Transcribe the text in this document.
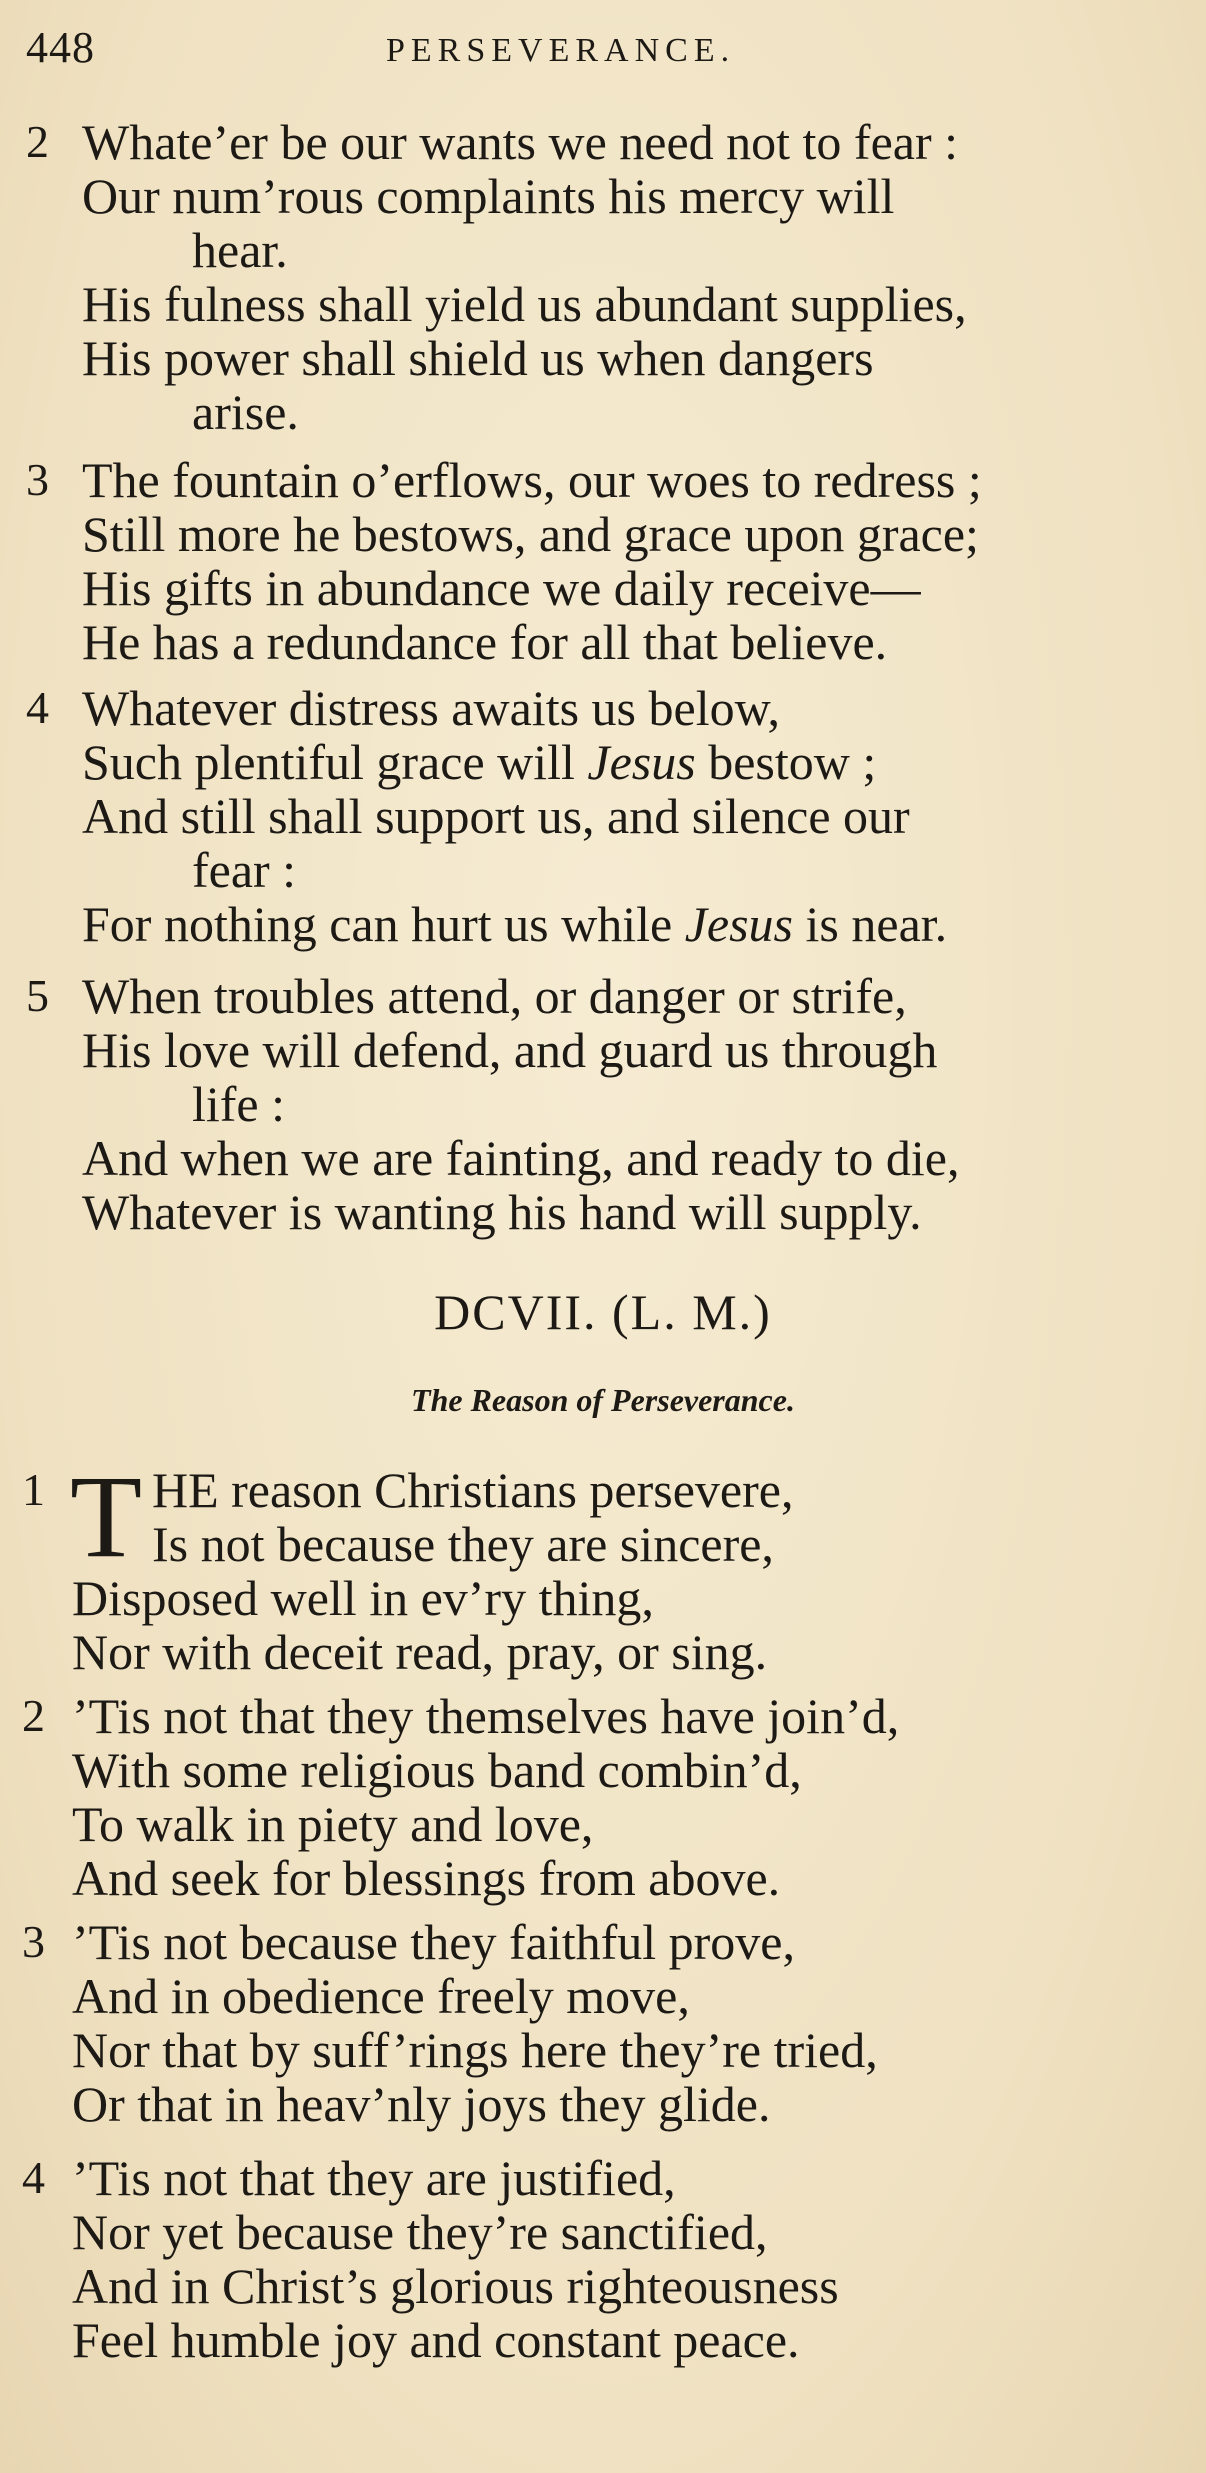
448	PERSEVERANCE.
2 Whate’er be our wants we need not to fear :
Our num’rous complaints his mercy will
hear.
His fulness shall yield us abundant supplies,
His power shall shield us when dangers
arise.
3 The fountain o’erflows, our woes to redress ;
Still more he bestows, and grace upon grace;
His gifts in abundance we daily receive—
He has a redundance for all that believe.
4 Whatever distress awaits us below,
Such plentiful grace will Jesus bestow ;
And still shall support us, and silence our
fear :
For nothing can hurt us while Jesus is near.
5 When troubles attend, or danger or strife,
His love will defend, and guard us through
life :
And when we are fainting, and ready to die,
Whatever is wanting his hand will supply.
DCVII. (L. M.)
The Reason of Perseverance.
1 T HE reason Christians persevere,
Is not because they are sincere,
Disposed well in ev’ry thing,
Nor with deceit read, pray, or sing.
2 ’Tis not that they themselves have join’d,
With some religious band combin’d,
To walk in piety and love,
And seek for blessings from above.
3 ’Tis not because they faithful prove,
And in obedience freely move,
Nor that by suff’rings here they’re tried,
Or that in heav’nly joys they glide.
4 ’Tis not that they are justified,
Nor yet because they’re sanctified,
And in Christ’s glorious righteousness
Feel humble joy and constant peace.
